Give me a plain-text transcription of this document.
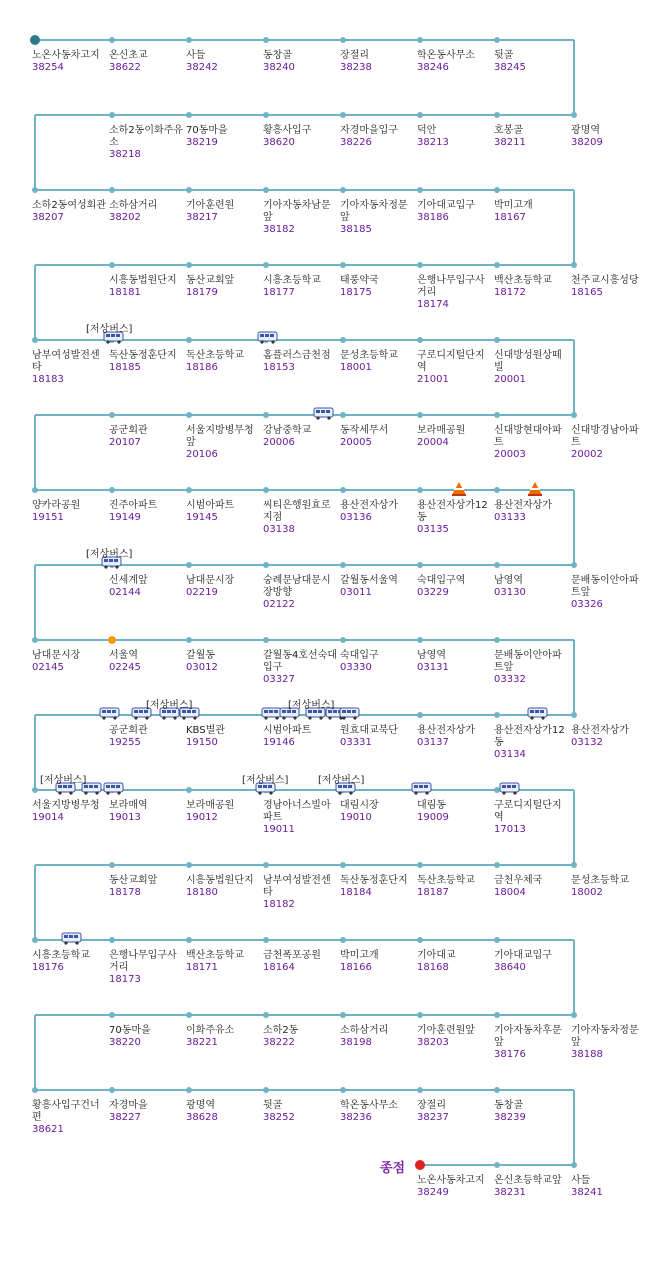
노온사동차고지
38254
온신초교
38622
사들
38242
동창골
38240
장절리
38238
학온동사무소
38246
뒷골
38245
소하2동이화주유소
38218
70동마을
38219
황흥사입구
38620
자경마을입구
38226
덕안
38213
호봉골
38211
광명역
38209
소하2동여성회관
38207
소하삼거리
38202
기아훈련원
38217
기아자동차남문앞
38182
기아자동차정문앞
38185
기아대교입구
38186
박미고개
18167
시흥동법원단지
18181
동산교회앞
18179
시흥초등학교
18177
태풍약국
18175
은행나무입구사거리
18174
백산초등학교
18172
천주교시흥성당
18165
남부여성발전센타
18183
독산동정훈단지
18185
독산초등학교
18186
홈플러스금천점
18153
문성초등학교
18001
구로디지털단지역
21001
신대방성원상떼빌
20001
공군회관
20107
서울지방병무청앞
20106
강남중학교
20006
동작세무서
20005
보라매공원
20004
신대방현대아파트
20003
신대방경남아파트
20002
양카라공원
19151
진주아파트
19149
시범아파트
19145
씨티은행원효로지점
03138
용산전자상가
03136
용산전자상가12동
03135
용산전자상가
03133
신세계앞
02144
남대문시장
02219
숭례문남대문시장방향
02122
갈월동서울역
03011
숙대입구역
03229
남영역
03130
문배동이안아파트앞
03326
남대문시장
02145
서울역
02245
갈월동
03012
갈월동4호선숙대입구
03327
숙대입구
03330
남영역
03131
문배동이안아파트앞
03332
공군회관
19255
KBS별관
19150
시범아파트
19146
원효대교북단
03331
용산전자상가
03137
용산전자상가12동
03134
용산전자상가
03132
서울지방병무청
19014
보라매역
19013
보라매공원
19012
경남아너스빌아파트
19011
대림시장
19010
대림동
19009
구로디지털단지역
17013
동산교회앞
18178
시흥동법원단지
18180
남부여성발전센타
18182
독산동정훈단지
18184
독산초등학교
18187
금천우체국
18004
문성초등학교
18002
시흥초등학교
18176
은행나무입구사거리
18173
백산초등학교
18171
금천폭포공원
18164
박미고개
18166
기아대교
18168
기아대교입구
38640
70동마을
38220
이화주유소
38221
소하2동
38222
소하삼거리
38198
기아훈련원앞
38203
기아자동차후문앞
38176
기아자동차정문앞
38188
황흥사입구건너편
38621
자경마을
38227
광명역
38628
뒷골
38252
학온동사무소
38236
장절리
38237
동창골
38239
노온사동차고지
38249
온신초등학교앞
38231
사들
38241
종점
[저상버스]
[저상버스]
[저상버스]	[저상버스]
[저상버스]	[저상버스]	[저상버스]
